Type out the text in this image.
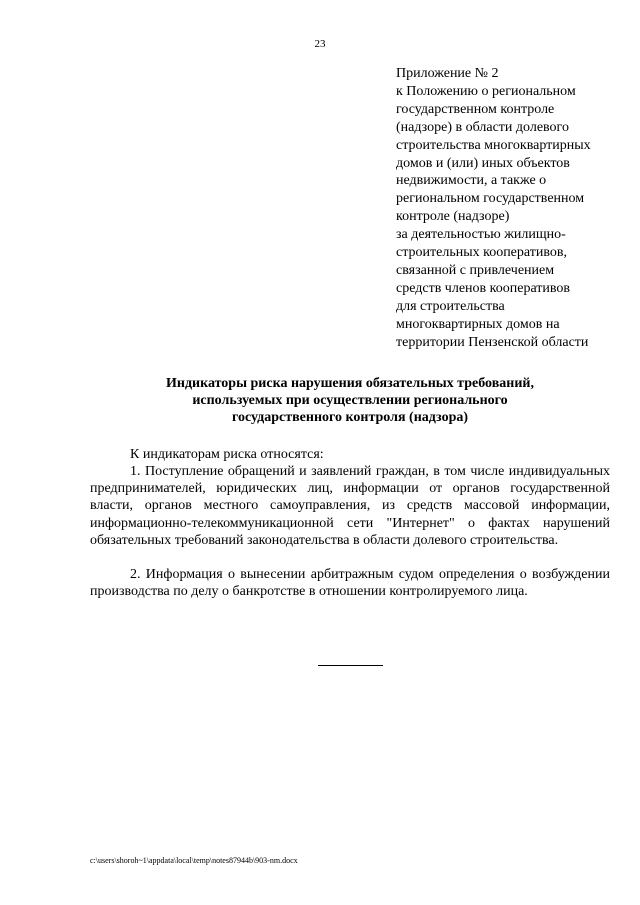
23
Приложение № 2
к Положению о региональном
государственном контроле
(надзоре) в области долевого
строительства многоквартирных
домов и (или) иных объектов
недвижимости, а также о
региональном государственном
контроле (надзоре)
за деятельностью жилищно-
строительных кооперативов,
связанной с привлечением
средств членов кооперативов
для строительства
многоквартирных домов на
территории Пензенской области
Индикаторы риска нарушения обязательных требований,
используемых при осуществлении регионального
государственного контроля (надзора)
К индикаторам риска относятся:
1. Поступление обращений и заявлений граждан, в том числе индивидуальных предпринимателей, юридических лиц, информации от органов государственной власти, органов местного самоуправления, из средств массовой информации, информационно-телекоммуникационной сети "Интернет" о фактах нарушений обязательных требований законодательства в области долевого строительства.
2. Информация о вынесении арбитражным судом определения о возбуждении производства по делу о банкротстве в отношении контролируемого лица.
c:\users\shoroh~1\appdata\local\temp\notes87944b\903-nm.docx
